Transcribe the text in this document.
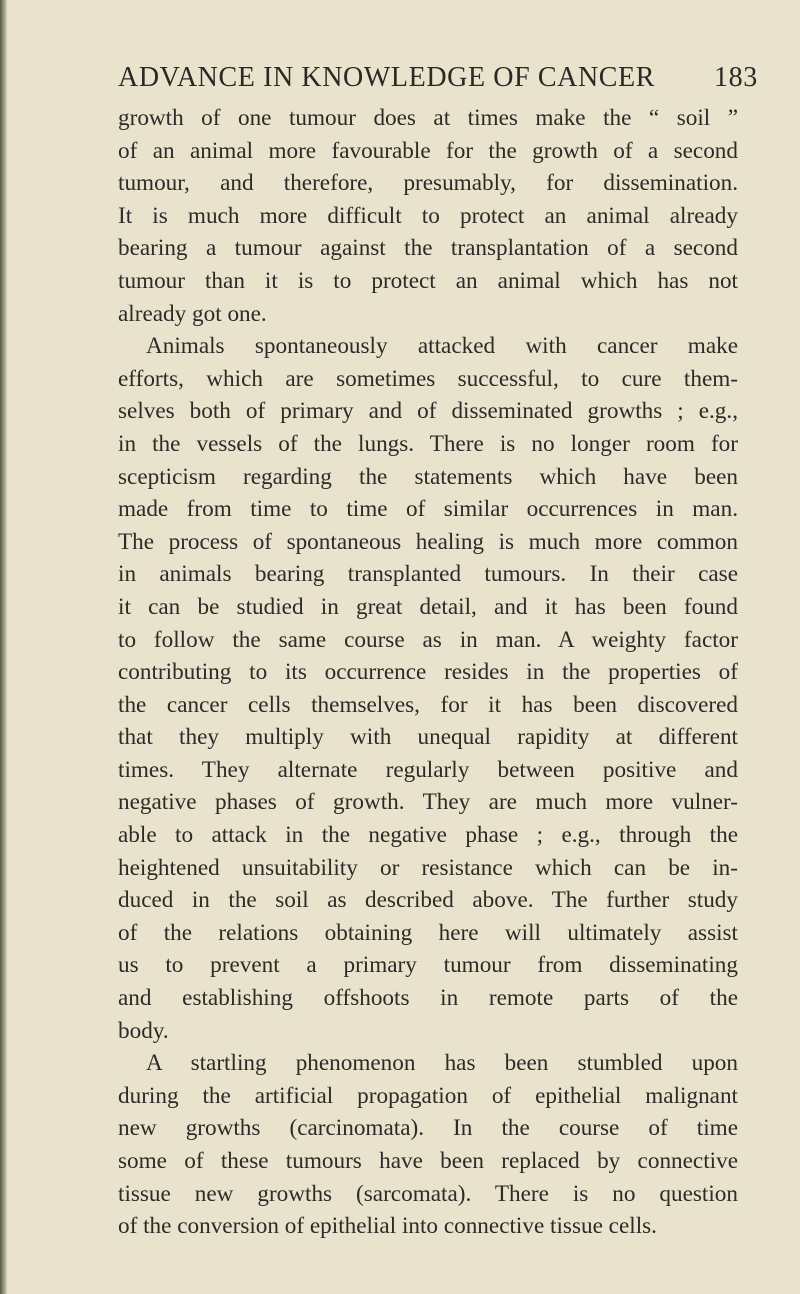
ADVANCE IN KNOWLEDGE OF CANCER 183
growth of one tumour does at times make the “ soil ”
of an animal more favourable for the growth of a second
tumour, and therefore, presumably, for dissemination.
It is much more difficult to protect an animal already
bearing a tumour against the transplantation of a second
tumour than it is to protect an animal which has not
already got one.
Animals spontaneously attacked with cancer make
efforts, which are sometimes successful, to cure them-
selves both of primary and of disseminated growths ; e.g.,
in the vessels of the lungs. There is no longer room for
scepticism regarding the statements which have been
made from time to time of similar occurrences in man.
The process of spontaneous healing is much more common
in animals bearing transplanted tumours. In their case
it can be studied in great detail, and it has been found
to follow the same course as in man. A weighty factor
contributing to its occurrence resides in the properties of
the cancer cells themselves, for it has been discovered
that they multiply with unequal rapidity at different
times. They alternate regularly between positive and
negative phases of growth. They are much more vulner-
able to attack in the negative phase ; e.g., through the
heightened unsuitability or resistance which can be in-
duced in the soil as described above. The further study
of the relations obtaining here will ultimately assist
us to prevent a primary tumour from disseminating
and establishing offshoots in remote parts of the
body.
A startling phenomenon has been stumbled upon
during the artificial propagation of epithelial malignant
new growths (carcinomata). In the course of time
some of these tumours have been replaced by connective
tissue new growths (sarcomata). There is no question
of the conversion of epithelial into connective tissue cells.
